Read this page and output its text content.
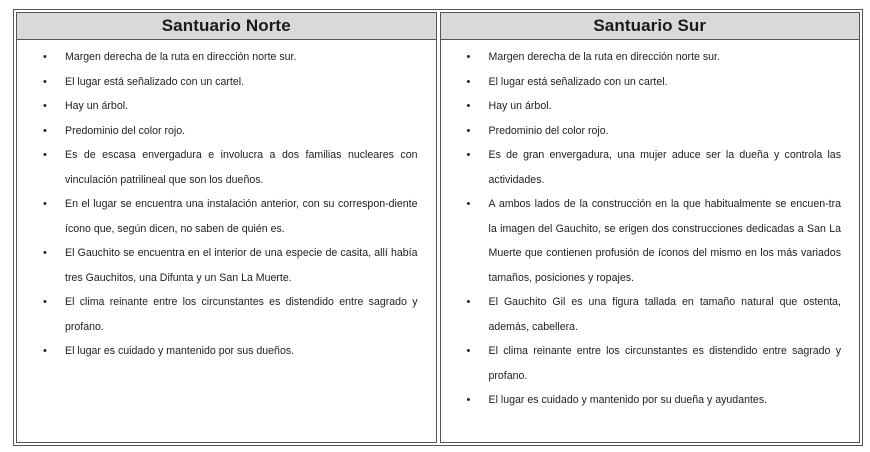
Santuario Norte
• Margen derecha de la ruta en dirección norte sur.
• El lugar está señalizado con un cartel.
• Hay un árbol.
• Predominio del color rojo.
• Es de escasa envergadura e involucra a dos familias nucleares con vinculación patrilineal que son los dueños.
• En el lugar se encuentra una instalación anterior, con su correspon-diente ícono que, según dicen, no saben de quién es.
• El Gauchito se encuentra en el interior de una especie de casita, allí había tres Gauchitos, una Difunta y un San La Muerte.
• El clima reinante entre los circunstantes es distendido entre sagrado y profano.
• El lugar es cuidado y mantenido por sus dueños.
Santuario Sur
• Margen derecha de la ruta en dirección norte sur.
• El lugar está señalizado con un cartel.
• Hay un árbol.
• Predominio del color rojo.
• Es de gran envergadura, una mujer aduce ser la dueña y controla las actividades.
• A ambos lados de la construcción en la que habitualmente se encuen-tra la imagen del Gauchito, se erigen dos construcciones dedicadas a San La Muerte que contienen profusión de íconos del mismo en los más variados tamaños, posiciones y ropajes.
• El Gauchito Gil es una figura tallada en tamaño natural que ostenta, además, cabellera.
• El clima reinante entre los circunstantes es distendido entre sagrado y profano.
• El lugar es cuidado y mantenido por su dueña y ayudantes.
